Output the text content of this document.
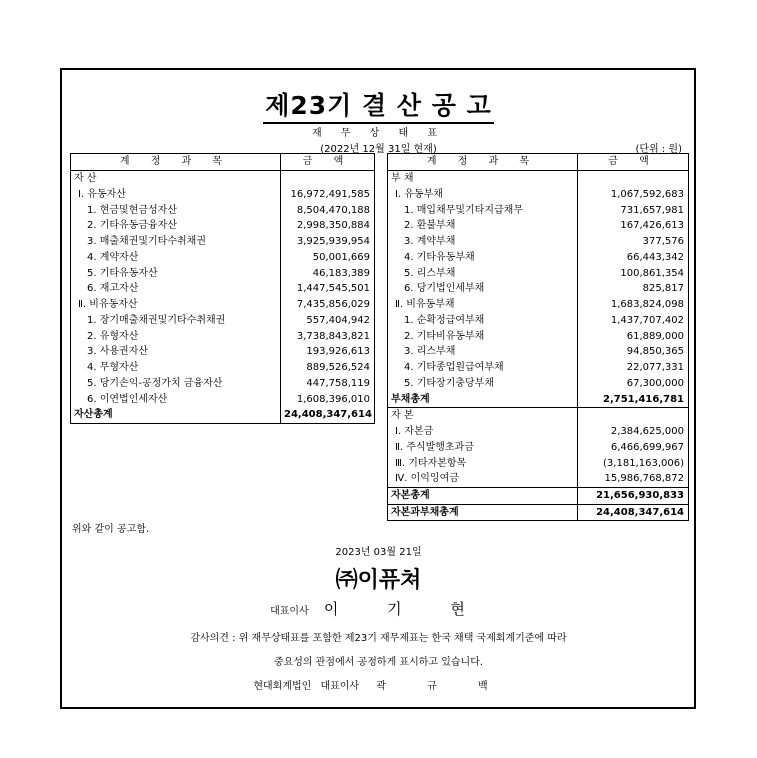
제23기 결 산 공 고
재 무 상 태 표
(2022년 12월 31일 현재)	(단위 : 원)
계 정 과 목	금 액
자 산	
Ⅰ. 유동자산	16,972,491,585
1. 현금및현금성자산	8,504,470,188
2. 기타유동금융자산	2,998,350,884
3. 매출채권및기타수취채권	3,925,939,954
4. 계약자산	50,001,669
5. 기타유동자산	46,183,389
6. 재고자산	1,447,545,501
Ⅱ. 비유동자산	7,435,856,029
1. 장기매출채권및기타수취채권	557,404,942
2. 유형자산	3,738,843,821
3. 사용권자산	193,926,613
4. 무형자산	889,526,524
5. 당기손익-공정가치 금융자산	447,758,119
6. 이연법인세자산	1,608,396,010
자산총계	24,408,347,614
계 정 과 목	금 액
부 채	
Ⅰ. 유동부채	1,067,592,683
1. 매입채무및기타지급채무	731,657,981
2. 환불부채	167,426,613
3. 계약부채	377,576
4. 기타유동부채	66,443,342
5. 리스부채	100,861,354
6. 당기법인세부채	825,817
Ⅱ. 비유동부채	1,683,824,098
1. 순확정급여부채	1,437,707,402
2. 기타비유동부채	61,889,000
3. 리스부채	94,850,365
4. 기타종업원급여부채	22,077,331
5. 기타장기충당부채	67,300,000
부채총계	2,751,416,781
자 본	
Ⅰ. 자본금	2,384,625,000
Ⅱ. 주식발행초과금	6,466,699,967
Ⅲ. 기타자본항목	(3,181,163,006)
Ⅳ. 이익잉여금	15,986,768,872
자본총계	21,656,930,833
자본과부채총계	24,408,347,614
위와 같이 공고함.
2023년 03월 21일
㈜이퓨쳐
대표이사 이 기 현
감사의견 : 위 재무상태표를 포함한 제23기 재무제표는 한국 채택 국제회계기준에 따라
중요성의 관점에서 공정하게 표시하고 있습니다.
현대회계법인 대표이사 곽 규 백
